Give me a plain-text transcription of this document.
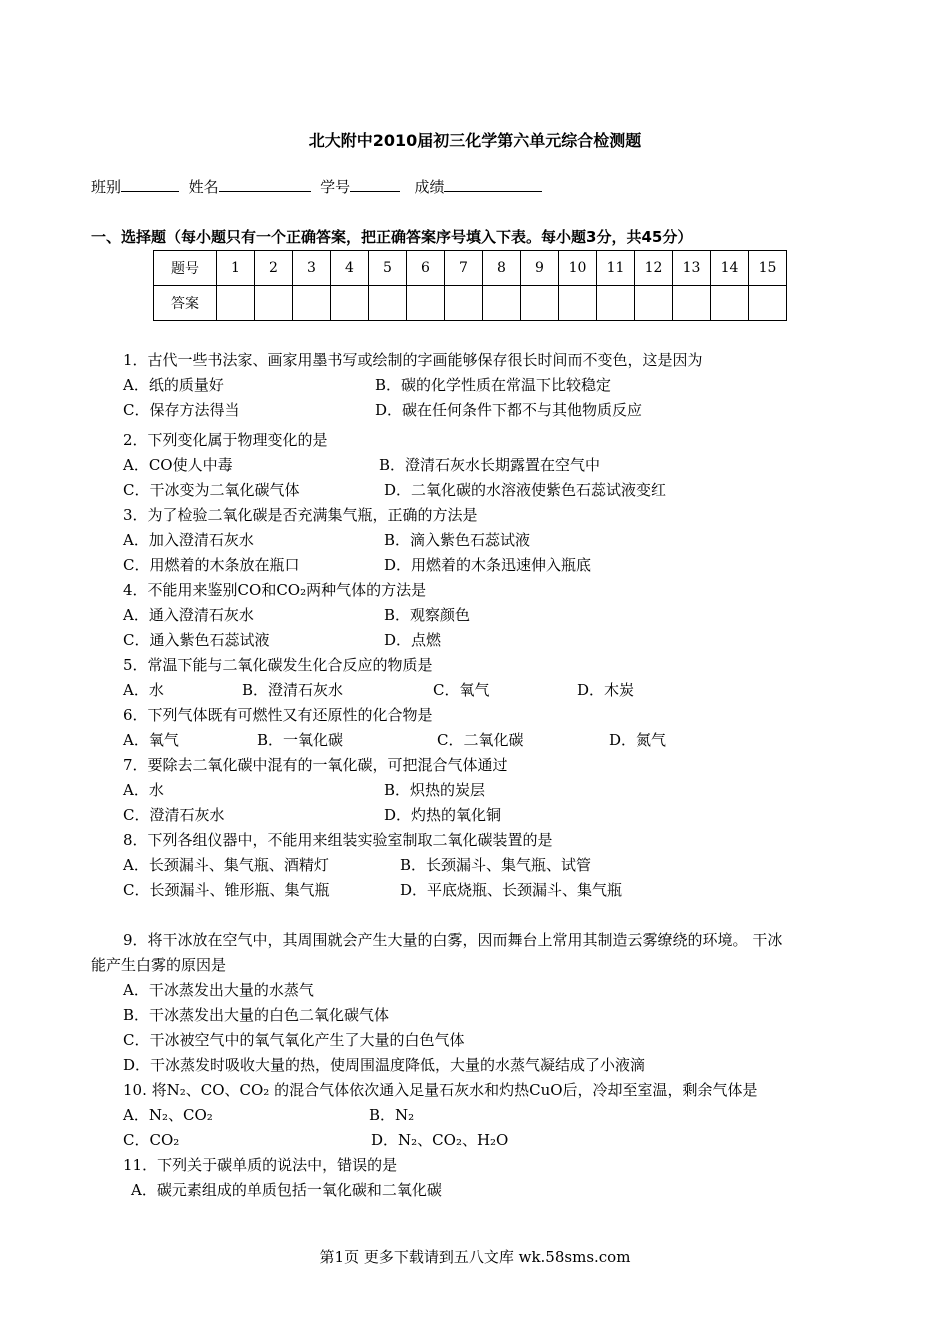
北大附中2010届初三化学第六单元综合检测题
班别	姓名	学号	成绩
一、选择题（每小题只有一个正确答案，把正确答案序号填入下表。每小题3分，共45分）
题号	1	2	3	4	5	6	7	8	9	10	11	12	13	14	15
答案															
1．古代一些书法家、画家用墨书写或绘制的字画能够保存很长时间而不变色，这是因为
A．纸的质量好	B．碳的化学性质在常温下比较稳定
C．保存方法得当	D．碳在任何条件下都不与其他物质反应
2．下列变化属于物理变化的是
A．CO使人中毒	B．澄清石灰水长期露置在空气中
C．干冰变为二氧化碳气体	D．二氧化碳的水溶液使紫色石蕊试液变红
3．为了检验二氧化碳是否充满集气瓶，正确的方法是
A．加入澄清石灰水	B．滴入紫色石蕊试液
C．用燃着的木条放在瓶口	D．用燃着的木条迅速伸入瓶底
4．不能用来鉴别CO和CO₂两种气体的方法是
A．通入澄清石灰水	B．观察颜色
C．通入紫色石蕊试液	D．点燃
5．常温下能与二氧化碳发生化合反应的物质是
A．水	B．澄清石灰水	C．氧气	D．木炭
6．下列气体既有可燃性又有还原性的化合物是
A．氧气	B．一氧化碳	C．二氧化碳	D．氮气
7．要除去二氧化碳中混有的一氧化碳，可把混合气体通过
A．水	B．炽热的炭层
C．澄清石灰水	D．灼热的氧化铜
8．下列各组仪器中，不能用来组装实验室制取二氧化碳装置的是
A．长颈漏斗、集气瓶、酒精灯	B．长颈漏斗、集气瓶、试管
C．长颈漏斗、锥形瓶、集气瓶	D．平底烧瓶、长颈漏斗、集气瓶
9．将干冰放在空气中，其周围就会产生大量的白雾，因而舞台上常用其制造云雾缭绕的环境。 干冰
能产生白雾的原因是
A．干冰蒸发出大量的水蒸气
B．干冰蒸发出大量的白色二氧化碳气体
C．干冰被空气中的氧气氧化产生了大量的白色气体
D．干冰蒸发时吸收大量的热，使周围温度降低，大量的水蒸气凝结成了小液滴
10. 将N₂、CO、CO₂ 的混合气体依次通入足量石灰水和灼热CuO后，冷却至室温，剩余气体是
A．N₂、CO₂	B．N₂
C．CO₂	D．N₂、CO₂、H₂O
11．下列关于碳单质的说法中，错误的是
A．碳元素组成的单质包括一氧化碳和二氧化碳
第1页 更多下载请到五八文库 wk.58sms.com
